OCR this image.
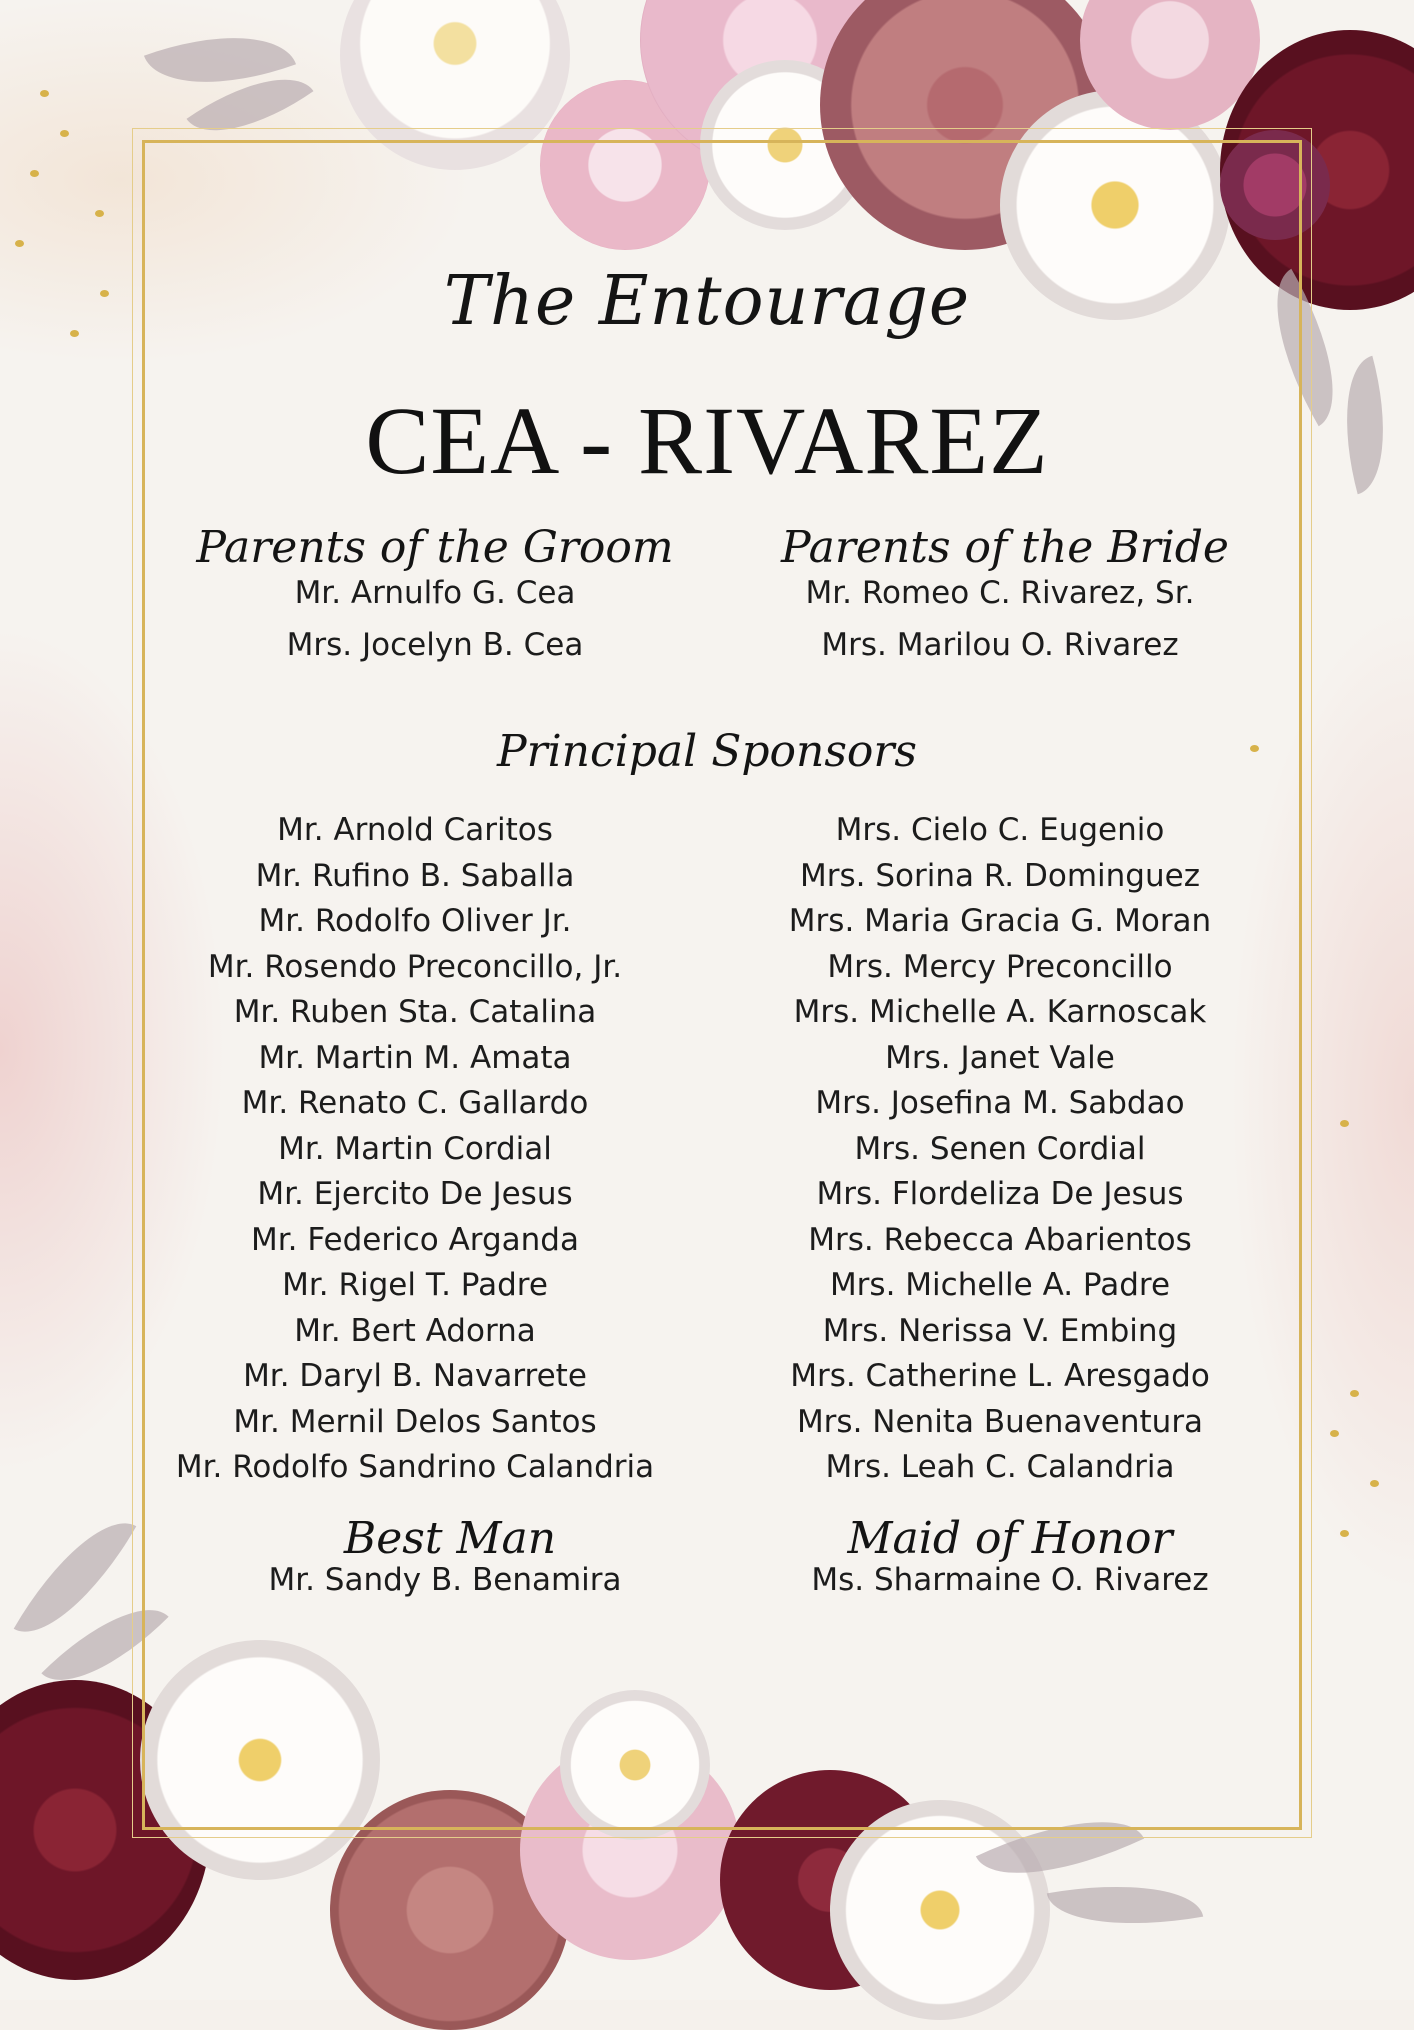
The Entourage
CEA - RIVAREZ
Parents of the Groom
Mr. Arnulfo G. Cea
Mrs. Jocelyn B. Cea
Parents of the Bride
Mr. Romeo C. Rivarez, Sr.
Mrs. Marilou O. Rivarez
Principal Sponsors
Mr. Arnold Caritos
Mr. Rufino B. Saballa
Mr. Rodolfo Oliver Jr.
Mr. Rosendo Preconcillo, Jr.
Mr. Ruben Sta. Catalina
Mr. Martin M. Amata
Mr. Renato C. Gallardo
Mr. Martin Cordial
Mr. Ejercito De Jesus
Mr. Federico Arganda
Mr. Rigel T. Padre
Mr. Bert Adorna
Mr. Daryl B. Navarrete
Mr. Mernil Delos Santos
Mr. Rodolfo Sandrino Calandria
Mrs. Cielo C. Eugenio
Mrs. Sorina R. Dominguez
Mrs. Maria Gracia G. Moran
Mrs. Mercy Preconcillo
Mrs. Michelle A. Karnoscak
Mrs. Janet Vale
Mrs. Josefina M. Sabdao
Mrs. Senen Cordial
Mrs. Flordeliza De Jesus
Mrs. Rebecca Abarientos
Mrs. Michelle A. Padre
Mrs. Nerissa V. Embing
Mrs. Catherine L. Aresgado
Mrs. Nenita Buenaventura
Mrs. Leah C. Calandria
Best Man
Mr. Sandy B. Benamira
Maid of Honor
Ms. Sharmaine O. Rivarez
